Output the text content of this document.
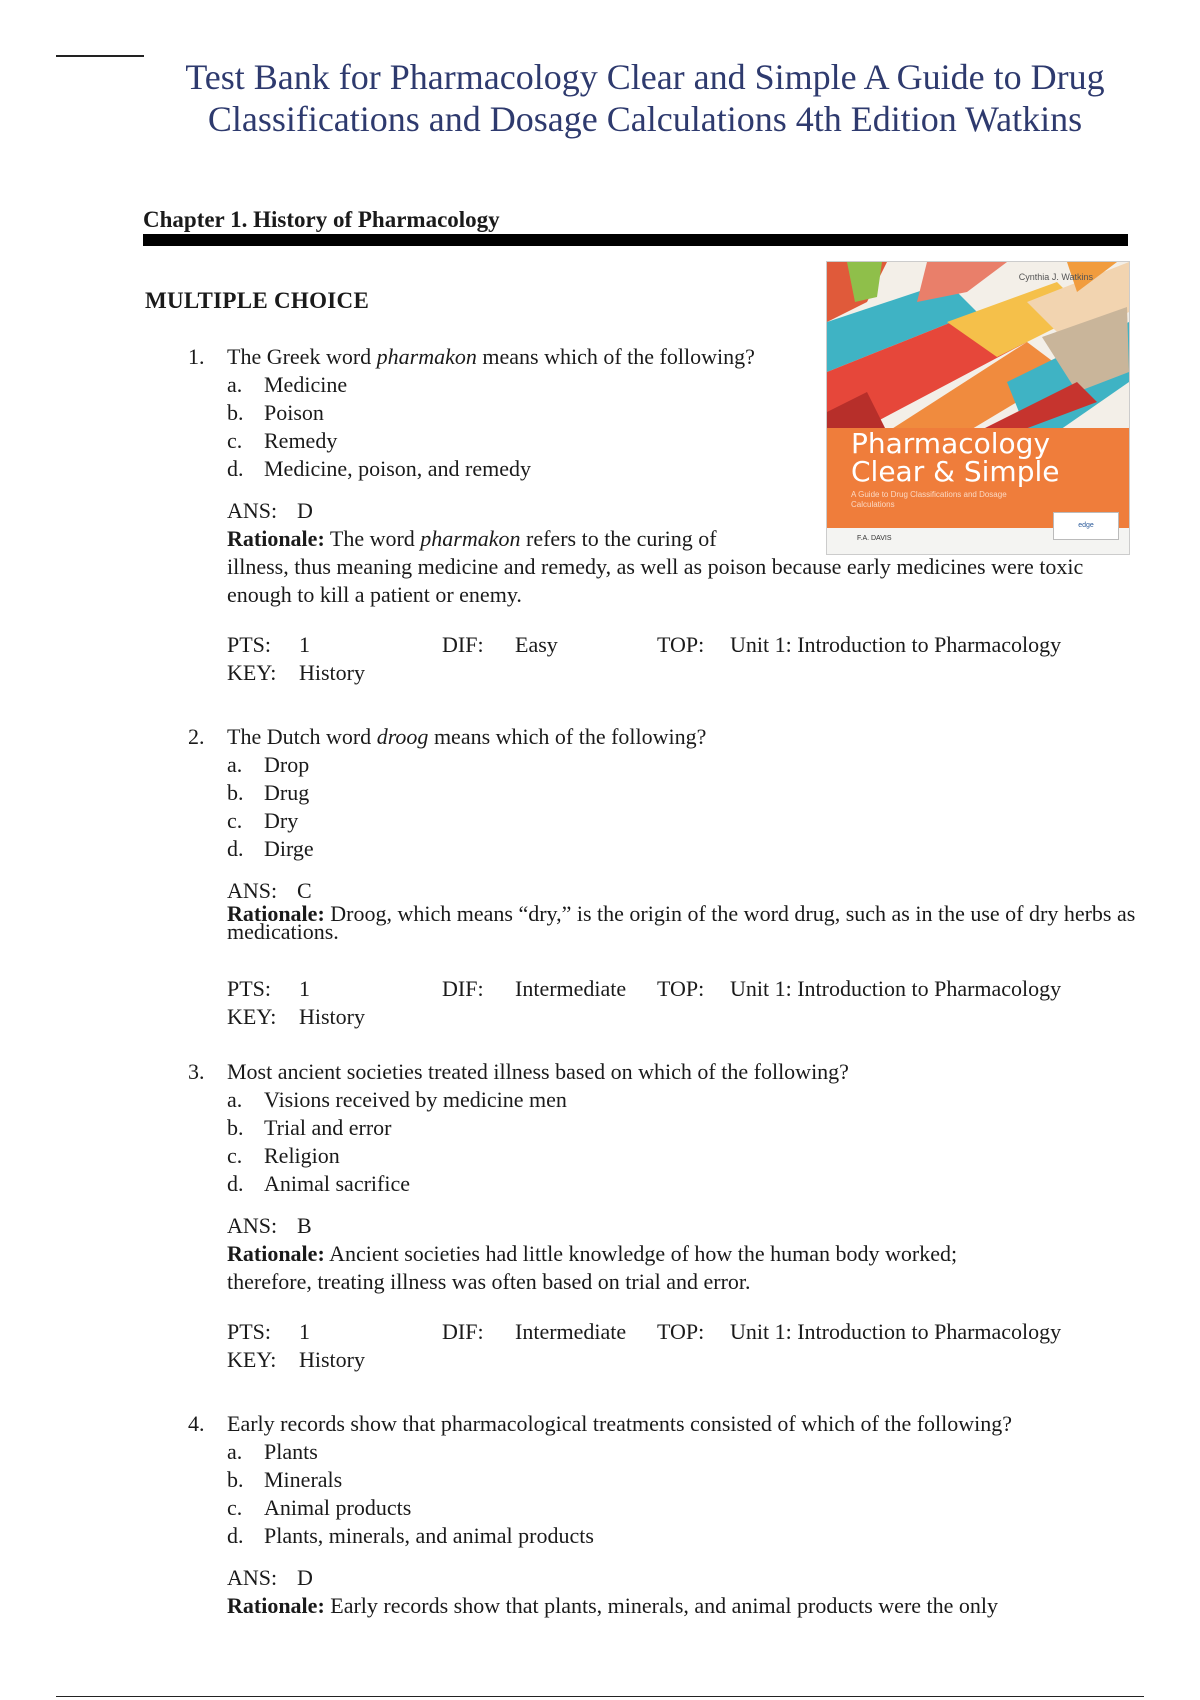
Test Bank for Pharmacology Clear and Simple A Guide to Drug
Classifications and Dosage Calculations 4th Edition Watkins
Chapter 1. History of Pharmacology
MULTIPLE CHOICE
Cynthia J. Watkins
Pharmacology
Clear & Simple
A Guide to Drug Classifications and Dosage Calculations
edge
F.A. DAVIS
1. The Greek word pharmakon means which of the following?
a. Medicine
b. Poison
c. Remedy
d. Medicine, poison, and remedy
ANS: D
Rationale: The word pharmakon refers to the curing of
illness, thus meaning medicine and remedy, as well as poison because early medicines were toxic enough to kill a patient or enemy.
PTS: 1	DIF: Easy	TOP: Unit 1: Introduction to Pharmacology
KEY: History
2. The Dutch word droog means which of the following?
a. Drop
b. Drug
c. Dry
d. Dirge
ANS: C
Rationale: Droog, which means “dry,” is the origin of the word drug, such as in the use of dry herbs as medications.
PTS: 1	DIF: Intermediate TOP: Unit 1: Introduction to Pharmacology
KEY: History
3. Most ancient societies treated illness based on which of the following?
a. Visions received by medicine men
b. Trial and error
c. Religion
d. Animal sacrifice
ANS: B
Rationale: Ancient societies had little knowledge of how the human body worked; therefore, treating illness was often based on trial and error.
PTS: 1	DIF: Intermediate TOP: Unit 1: Introduction to Pharmacology
KEY: History
4. Early records show that pharmacological treatments consisted of which of the following?
a. Plants
b. Minerals
c. Animal products
d. Plants, minerals, and animal products
ANS: D
Rationale: Early records show that plants, minerals, and animal products were the only
